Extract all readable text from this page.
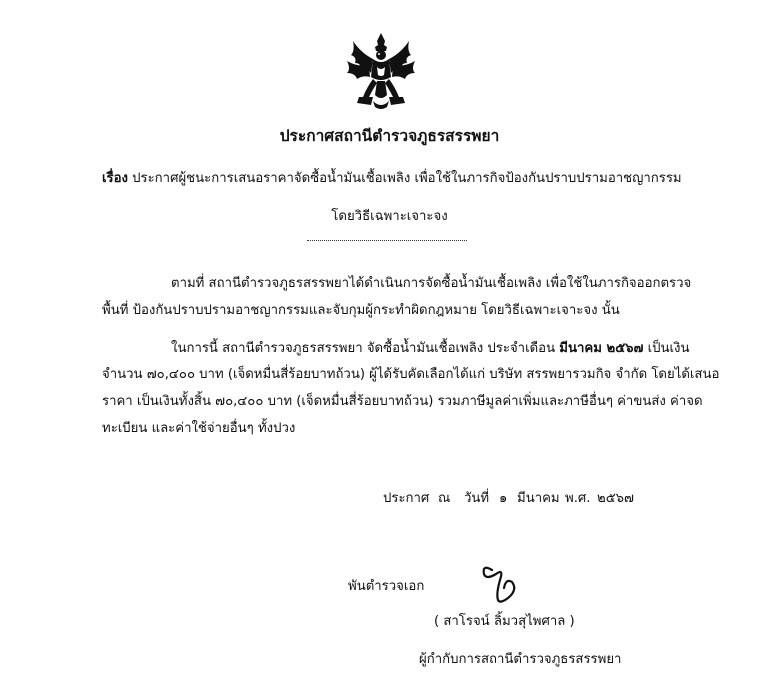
ประกาศสถานีตำรวจภูธรสรรพยา
เรื่อง ประกาศผู้ชนะการเสนอราคาจัดซื้อน้ำมันเชื้อเพลิง เพื่อใช้ในภารกิจป้องกันปราบปรามอาชญากรรม
โดยวิธีเฉพาะเจาะจง
ตามที่ สถานีตำรวจภูธรสรรพยาได้ดำเนินการจัดซื้อน้ำมันเชื้อเพลิง เพื่อใช้ในภารกิจออกตรวจ
พื้นที่ ป้องกันปราบปรามอาชญากรรมและจับกุมผู้กระทำผิดกฎหมาย โดยวิธีเฉพาะเจาะจง นั้น
ในการนี้ สถานีตำรวจภูธรสรรพยา จัดซื้อน้ำมันเชื้อเพลิง ประจำเดือน มีนาคม ๒๕๖๗ เป็นเงิน
จำนวน ๗๐,๔๐๐ บาท (เจ็ดหมื่นสี่ร้อยบาทถ้วน) ผู้ได้รับคัดเลือกได้แก่ บริษัท สรรพยารวมกิจ จำกัด โดยได้เสนอ
ราคา เป็นเงินทั้งสิ้น ๗๐,๔๐๐ บาท (เจ็ดหมื่นสี่ร้อยบาทถ้วน) รวมภาษีมูลค่าเพิ่มและภาษีอื่นๆ ค่าขนส่ง ค่าจด
ทะเบียน และค่าใช้จ่ายอื่นๆ ทั้งปวง
ประกาศ ณ วันที่ ๑ มีนาคม พ.ศ. ๒๕๖๗
พันตำรวจเอก
( สาโรจน์ ลิ้มวสุไพศาล )
ผู้กำกับการสถานีตำรวจภูธรสรรพยา
